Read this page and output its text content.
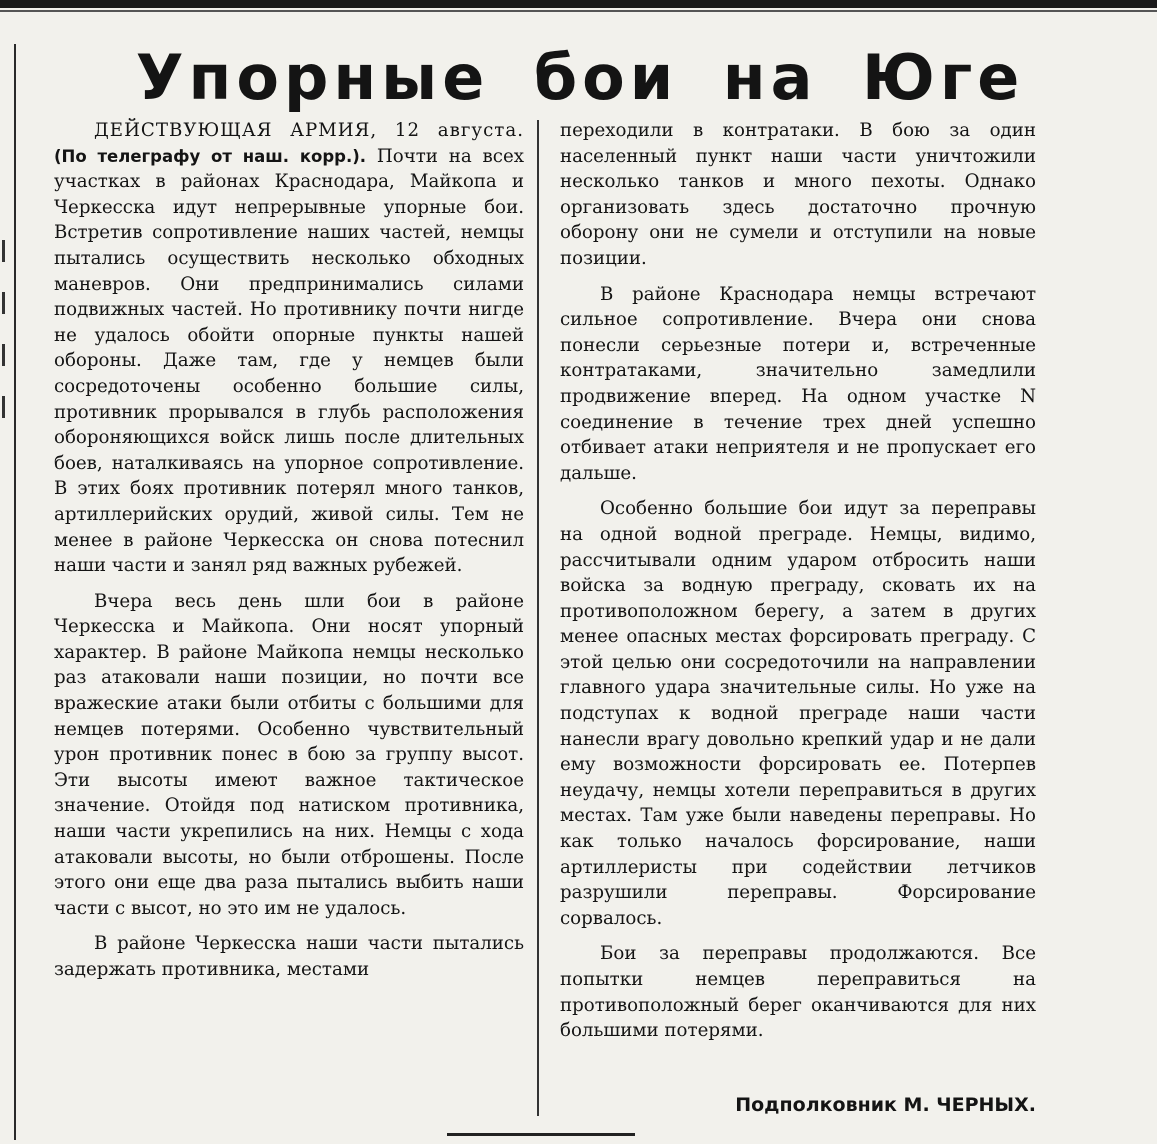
Упорные бои на Юге

ДЕЙСТВУЮЩАЯ АРМИЯ, 12 августа. (По телеграфу от наш. корр.). Почти на всех участках в районах Краснодара, Майкопа и Черкесска идут непрерывные упорные бои. Встретив сопротивление наших частей, немцы пытались осуществить несколько обходных маневров. Они предпринимались силами подвижных частей. Но противнику почти нигде не удалось обойти опорные пункты нашей обороны. Даже там, где у немцев были сосредоточены особенно большие силы, противник прорывался в глубь расположения обороняющихся войск лишь после длительных боев, наталкиваясь на упорное сопротивление. В этих боях противник потерял много танков, артиллерийских орудий, живой силы. Тем не менее в районе Черкесска он снова потеснил наши части и занял ряд важных рубежей.

Вчера весь день шли бои в районе Черкесска и Майкопа. Они носят упорный характер. В районе Майкопа немцы несколько раз атаковали наши позиции, но почти все вражеские атаки были отбиты с большими для немцев потерями. Особенно чувствительный урон противник понес в бою за группу высот. Эти высоты имеют важное тактическое значение. Отойдя под натиском противника, наши части укрепились на них. Немцы с хода атаковали высоты, но были отброшены. После этого они еще два раза пытались выбить наши части с высот, но это им не удалось.

В районе Черкесска наши части пытались задержать противника, местами

переходили в контратаки. В бою за один населенный пункт наши части уничтожили несколько танков и много пехоты. Однако организовать здесь достаточно прочную оборону они не сумели и отступили на новые позиции.

В районе Краснодара немцы встречают сильное сопротивление. Вчера они снова понесли серьезные потери и, встреченные контратаками, значительно замедлили продвижение вперед. На одном участке N соединение в течение трех дней успешно отбивает атаки неприятеля и не пропускает его дальше.

Особенно большие бои идут за переправы на одной водной преграде. Немцы, видимо, рассчитывали одним ударом отбросить наши войска за водную преграду, сковать их на противоположном берегу, а затем в других менее опасных местах форсировать преграду. С этой целью они сосредоточили на направлении главного удара значительные силы. Но уже на подступах к водной преграде наши части нанесли врагу довольно крепкий удар и не дали ему возможности форсировать ее. Потерпев неудачу, немцы хотели переправиться в других местах. Там уже были наведены переправы. Но как только началось форсирование, наши артиллеристы при содействии летчиков разрушили переправы. Форсирование сорвалось.

Бои за переправы продолжаются. Все попытки немцев переправиться на противоположный берег оканчиваются для них большими потерями.

Подполковник М. ЧЕРНЫХ.
